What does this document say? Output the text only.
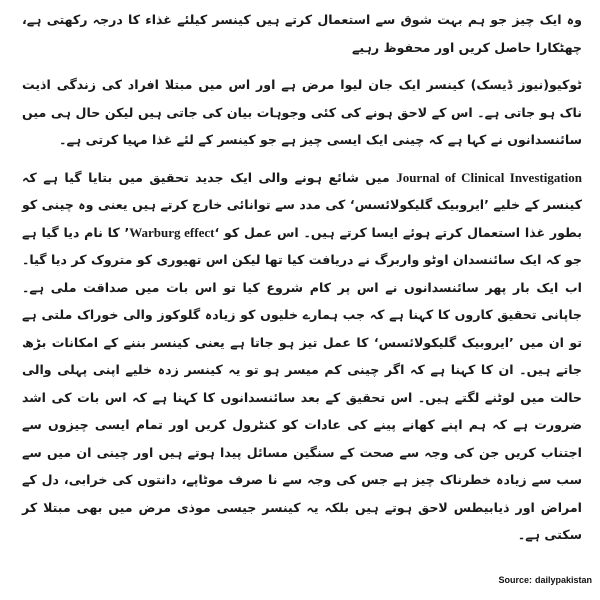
وہ ایک چیز جو ہم بہت شوق سے استعمال کرتے ہیں کینسر کیلئے غذاء کا درجہ رکھتی ہے، چھٹکارا حاصل کریں اور محفوظ رہیے

ٹوکیو(نیوز ڈیسک) کینسر ایک جان لیوا مرض ہے اور اس میں مبتلا افراد کی زندگی اذیت ناک ہو جاتی ہے۔ اس کے لاحق ہونے کی کئی وجوہات بیان کی جاتی ہیں لیکن حال ہی میں سائنسدانوں نے کہا ہے کہ چینی ایک ایسی چیز ہے جو کینسر کے لئے غذا مہیا کرتی ہے۔

Journal of Clinical Investigation میں شائع ہونے والی ایک جدید تحقیق میں بتایا گیا ہے کہ کینسر کے خلیے ’ایروبیک گلیکولائسس‘ کی مدد سے توانائی خارج کرتے ہیں یعنی وہ چینی کو بطور غذا استعمال کرتے ہوئے ایسا کرتے ہیں۔ اس عمل کو ‘Warburg effect’ کا نام دیا گیا ہے جو کہ ایک سائنسدان اوٹو واربرگ نے دریافت کیا تھا لیکن اس تھیوری کو متروک کر دیا گیا۔ اب ایک بار پھر سائنسدانوں نے اس پر کام شروع کیا تو اس بات میں صداقت ملی ہے۔ جاپانی تحقیق کاروں کا کہنا ہے کہ جب ہمارے خلیوں کو زیادہ گلوکوز والی خوراک ملتی ہے تو ان میں ’ایروبیک گلیکولائسس‘ کا عمل تیز ہو جاتا ہے یعنی کینسر بننے کے امکانات بڑھ جاتے ہیں۔ ان کا کہنا ہے کہ اگر چینی کم میسر ہو تو یہ کینسر زدہ خلیے اپنی پہلی والی حالت میں لوٹنے لگتے ہیں۔ اس تحقیق کے بعد سائنسدانوں کا کہنا ہے کہ اس بات کی اشد ضرورت ہے کہ ہم اپنے کھانے پینے کی عادات کو کنٹرول کریں اور تمام ایسی چیزوں سے اجتناب کریں جن کی وجہ سے صحت کے سنگین مسائل پیدا ہوتے ہیں اور چینی ان میں سے سب سے زیادہ خطرناک چیز ہے جس کی وجہ سے نا صرف موٹاپے، دانتوں کی خرابی، دل کے امراض اور ذیابیطس لاحق ہوتے ہیں بلکہ یہ کینسر جیسی موذی مرض میں بھی مبتلا کر سکتی ہے۔

Source: dailypakistan
